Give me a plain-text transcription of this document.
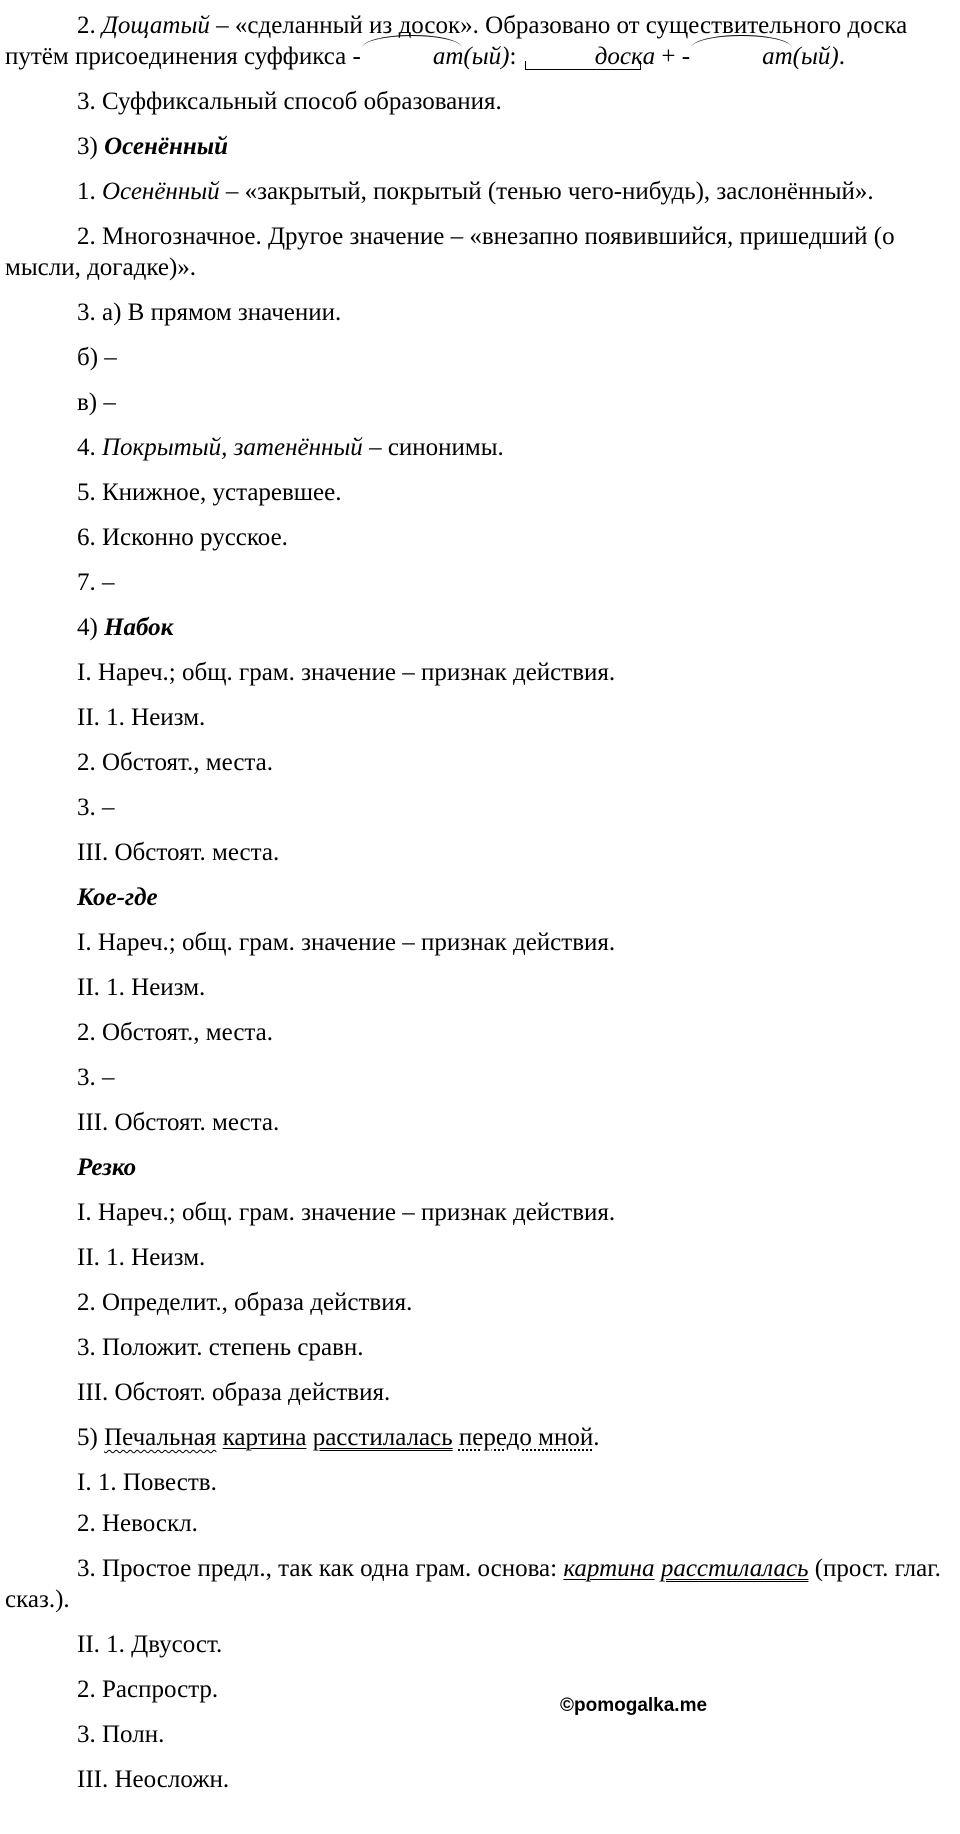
2. Дощатый – «сделанный из досок». Образовано от существительного доска путём присоединения суффикса -	ат(ый):	доска + -	ат(ый).

3. Суффиксальный способ образования.

3) Осенённый

1. Осенённый – «закрытый, покрытый (тенью чего-нибудь), заслонённый».

2. Многозначное. Другое значение – «внезапно появившийся, пришедший (о мысли, догадке)».

3. а) В прямом значении.

б) –

в) –

4. Покрытый, затенённый – синонимы.

5. Книжное, устаревшее.

6. Исконно русское.

7. –

4) Набок

I. Нареч.; общ. грам. значение – признак действия.

II. 1. Неизм.

2. Обстоят., места.

3. –

III. Обстоят. места.

Кое-где

I. Нареч.; общ. грам. значение – признак действия.

II. 1. Неизм.

2. Обстоят., места.

3. –

III. Обстоят. места.

Резко

I. Нареч.; общ. грам. значение – признак действия.

II. 1. Неизм.

2. Определит., образа действия.

3. Положит. степень сравн.

III. Обстоят. образа действия.

5) Печальная картина расстилалась передо мной.

I. 1. Повеств.

2. Невоскл.

3. Простое предл., так как одна грам. основа: картина расстилалась (прост. глаг. сказ.).

II. 1. Двусост.

2. Распростр.

3. Полн.

III. Неосложн.

©pomogalka.me
